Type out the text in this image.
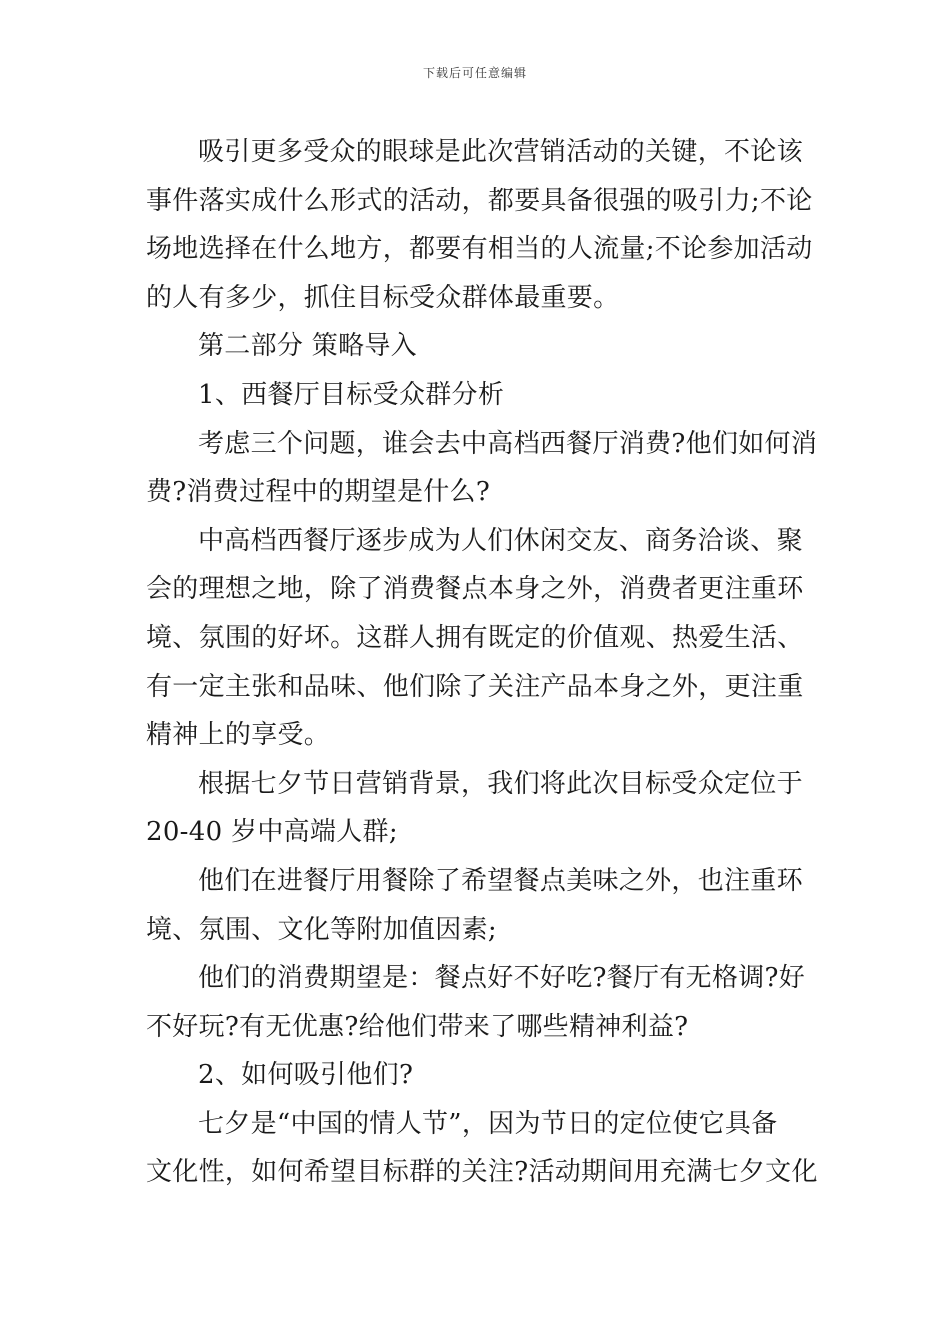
下载后可任意编辑

吸引更多受众的眼球是此次营销活动的关键，不论该
事件落实成什么形式的活动，都要具备很强的吸引力;不论
场地选择在什么地方，都要有相当的人流量;不论参加活动
的人有多少，抓住目标受众群体最重要。

第二部分 策略导入

1、西餐厅目标受众群分析

考虑三个问题，谁会去中高档西餐厅消费?他们如何消
费?消费过程中的期望是什么?

中高档西餐厅逐步成为人们休闲交友、商务洽谈、聚
会的理想之地，除了消费餐点本身之外，消费者更注重环
境、氛围的好坏。这群人拥有既定的价值观、热爱生活、
有一定主张和品味、他们除了关注产品本身之外，更注重
精神上的享受。

根据七夕节日营销背景，我们将此次目标受众定位于
20-40 岁中高端人群;

他们在进餐厅用餐除了希望餐点美味之外，也注重环
境、氛围、文化等附加值因素;

他们的消费期望是：餐点好不好吃?餐厅有无格调?好
不好玩?有无优惠?给他们带来了哪些精神利益?

2、如何吸引他们?

七夕是“中国的情人节”，因为节日的定位使它具备
文化性，如何希望目标群的关注?活动期间用充满七夕文化
